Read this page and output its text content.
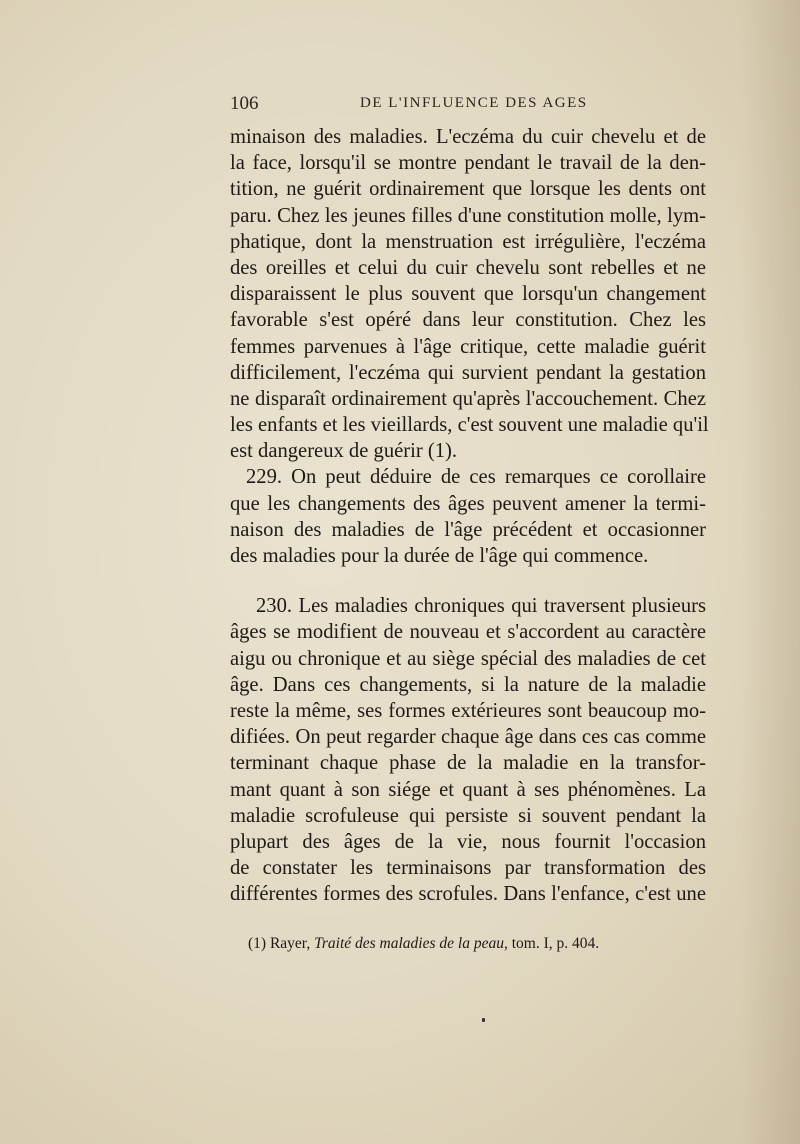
106	DE L'INFLUENCE DES AGES
minaison des maladies. L'eczéma du cuir chevelu et de
la face, lorsqu'il se montre pendant le travail de la den-
tition, ne guérit ordinairement que lorsque les dents ont
paru. Chez les jeunes filles d'une constitution molle, lym-
phatique, dont la menstruation est irrégulière, l'eczéma
des oreilles et celui du cuir chevelu sont rebelles et ne
disparaissent le plus souvent que lorsqu'un changement
favorable s'est opéré dans leur constitution. Chez les
femmes parvenues à l'âge critique, cette maladie guérit
difficilement, l'eczéma qui survient pendant la gestation
ne disparaît ordinairement qu'après l'accouchement. Chez
les enfants et les vieillards, c'est souvent une maladie qu'il
est dangereux de guérir (1).
229. On peut déduire de ces remarques ce corollaire
que les changements des âges peuvent amener la termi-
naison des maladies de l'âge précédent et occasionner
des maladies pour la durée de l'âge qui commence.
230. Les maladies chroniques qui traversent plusieurs
âges se modifient de nouveau et s'accordent au caractère
aigu ou chronique et au siège spécial des maladies de cet
âge. Dans ces changements, si la nature de la maladie
reste la même, ses formes extérieures sont beaucoup mo-
difiées. On peut regarder chaque âge dans ces cas comme
terminant chaque phase de la maladie en la transfor-
mant quant à son siége et quant à ses phénomènes. La
maladie scrofuleuse qui persiste si souvent pendant la
plupart des âges de la vie, nous fournit l'occasion
de constater les terminaisons par transformation des
différentes formes des scrofules. Dans l'enfance, c'est une
(1) Rayer, Traité des maladies de la peau, tom. I, p. 404.
